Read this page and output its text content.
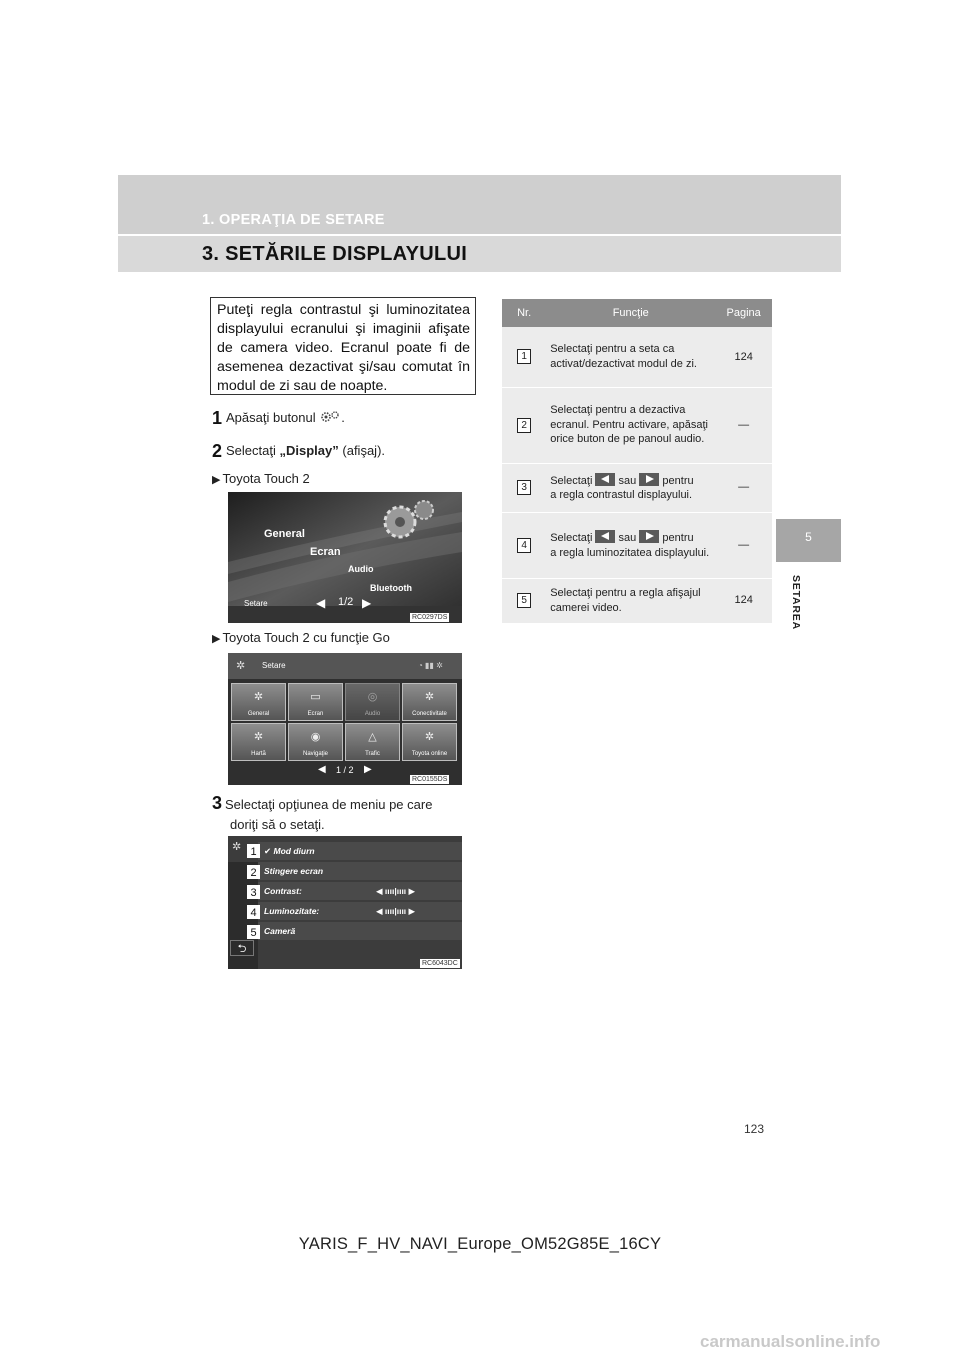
1. OPERAŢIA DE SETARE
3. SETĂRILE DISPLAYULUI
5
SETAREA

Puteţi regla contrastul şi luminozitatea displayului ecranului şi imaginii afişate de camera video. Ecranul poate fi de asemenea dezactivat şi/sau comutat în modul de zi sau de noapte.

1 Apăsaţi butonul .
2 Selectaţi „Display” (afişaj).
▶ Toyota Touch 2
General
Ecran
Audio
Bluetooth
Setare	◀ 1/2 ▶
RC0297DS
▶ Toyota Touch 2 cu funcţie Go
✲ Setare	◔ ▮▮ ✲
✲
General
▭
Ecran
◎
Audio
✲
Conectivitate
✲
Hartă
◉
Navigaţie
△
Trafic
✲
Toyota online
◀ 1 / 2 ▶
RC0155DS
3 Selectaţi opţiunea de meniu pe care
doriţi să o setaţi.
✲
⮌
✔ Mod diurn
Stingere ecran
Contrast:	◀ ıııı|ıııı ▶
Luminozitate:	◀ ıııı|ıııı ▶
Cameră
1
2
3
4
5
RC6043DC
Nr.	Funcţie	Pagina
1	Selectaţi pentru a seta ca activat/dezactivat modul de zi.	124
2	Selectaţi pentru a dezactiva ecranul. Pentru activare, apăsaţi orice buton de pe panoul audio.	—
3	Selectaţi sau pentru
a regla contrastul displayului.	—
4	Selectaţi sau pentru
a regla luminozitatea displayului.	—
5	Selectaţi pentru a regla afişajul camerei video.	124
123
YARIS_F_HV_NAVI_Europe_OM52G85E_16CY
carmanualsonline.info
